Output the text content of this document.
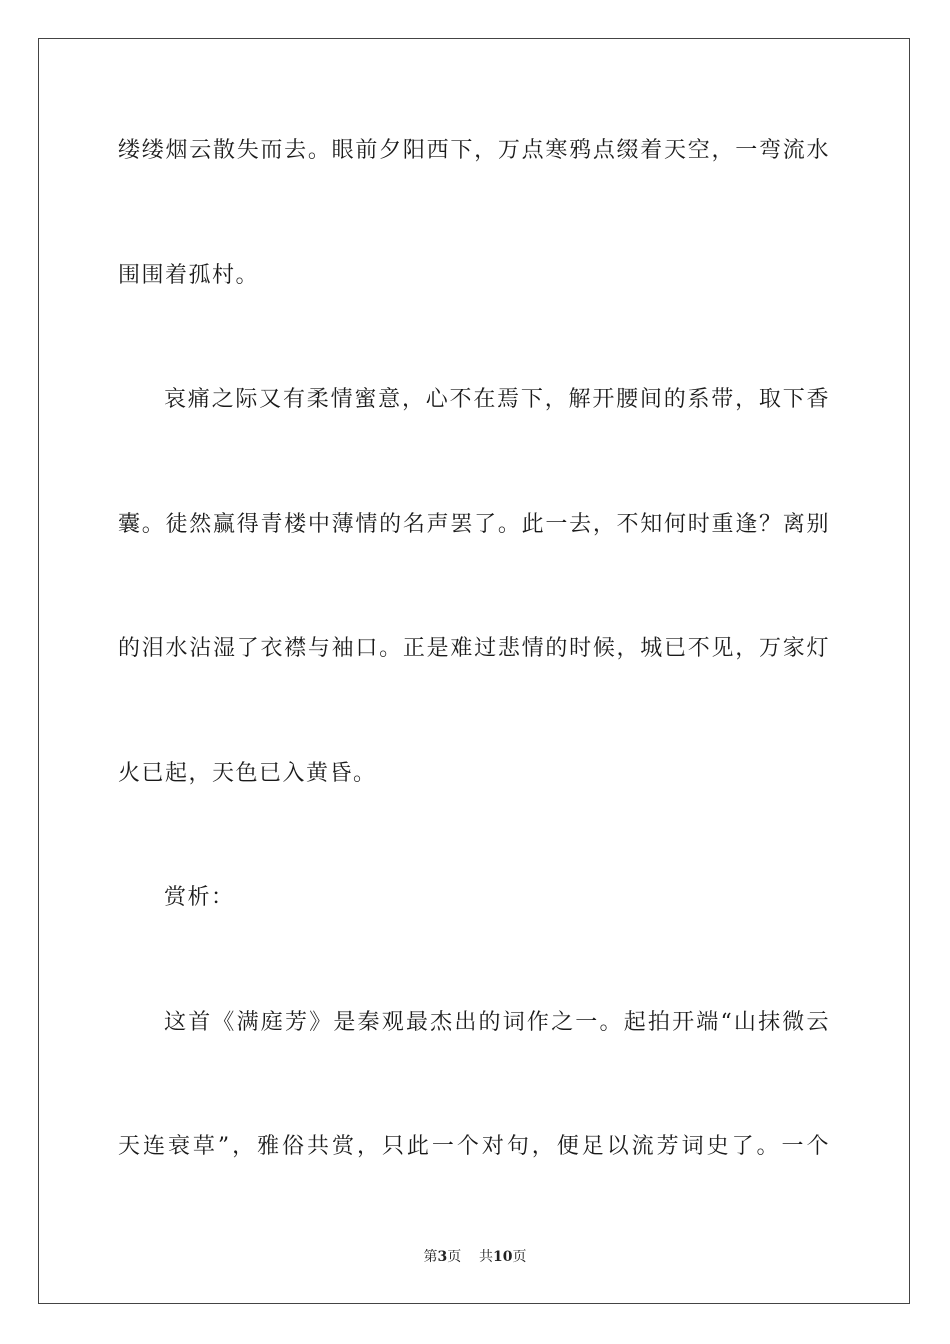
缕缕烟云散失而去。眼前夕阳西下，万点寒鸦点缀着天空，一弯流水
围围着孤村。
哀痛之际又有柔情蜜意，心不在焉下，解开腰间的系带，取下香
囊。徒然赢得青楼中薄情的名声罢了。此一去，不知何时重逢？离别
的泪水沾湿了衣襟与袖口。正是难过悲情的时候，城已不见，万家灯
火已起，天色已入黄昏。
赏析：
这首《满庭芳》是秦观最杰出的词作之一。起拍开端“山抹微云
天连衰草”，雅俗共赏，只此一个对句，便足以流芳词史了。一个
第3页 共10页
